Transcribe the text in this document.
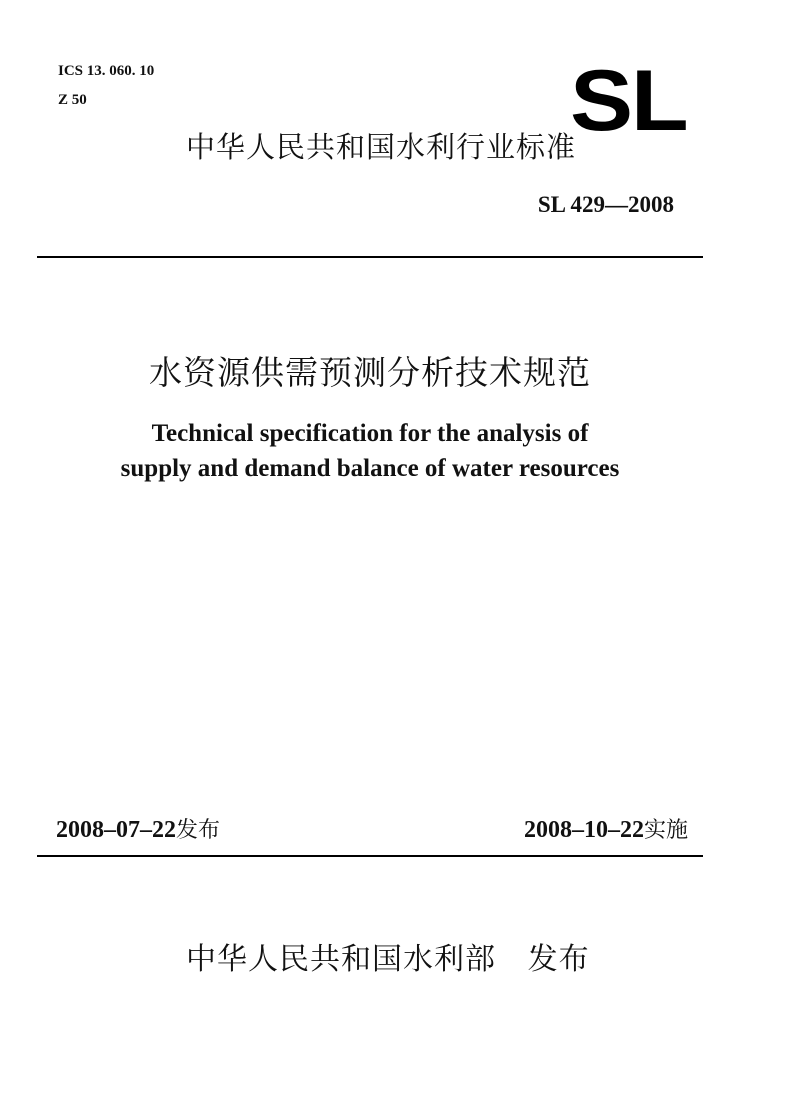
ICS 13. 060. 10
Z 50	SL
中华人民共和国水利行业标准
SL 429—2008
水资源供需预测分析技术规范
Technical specification for the analysis of
supply and demand balance of water resources
2008–07–22发布	2008–10–22实施
中华人民共和国水利部   发布
